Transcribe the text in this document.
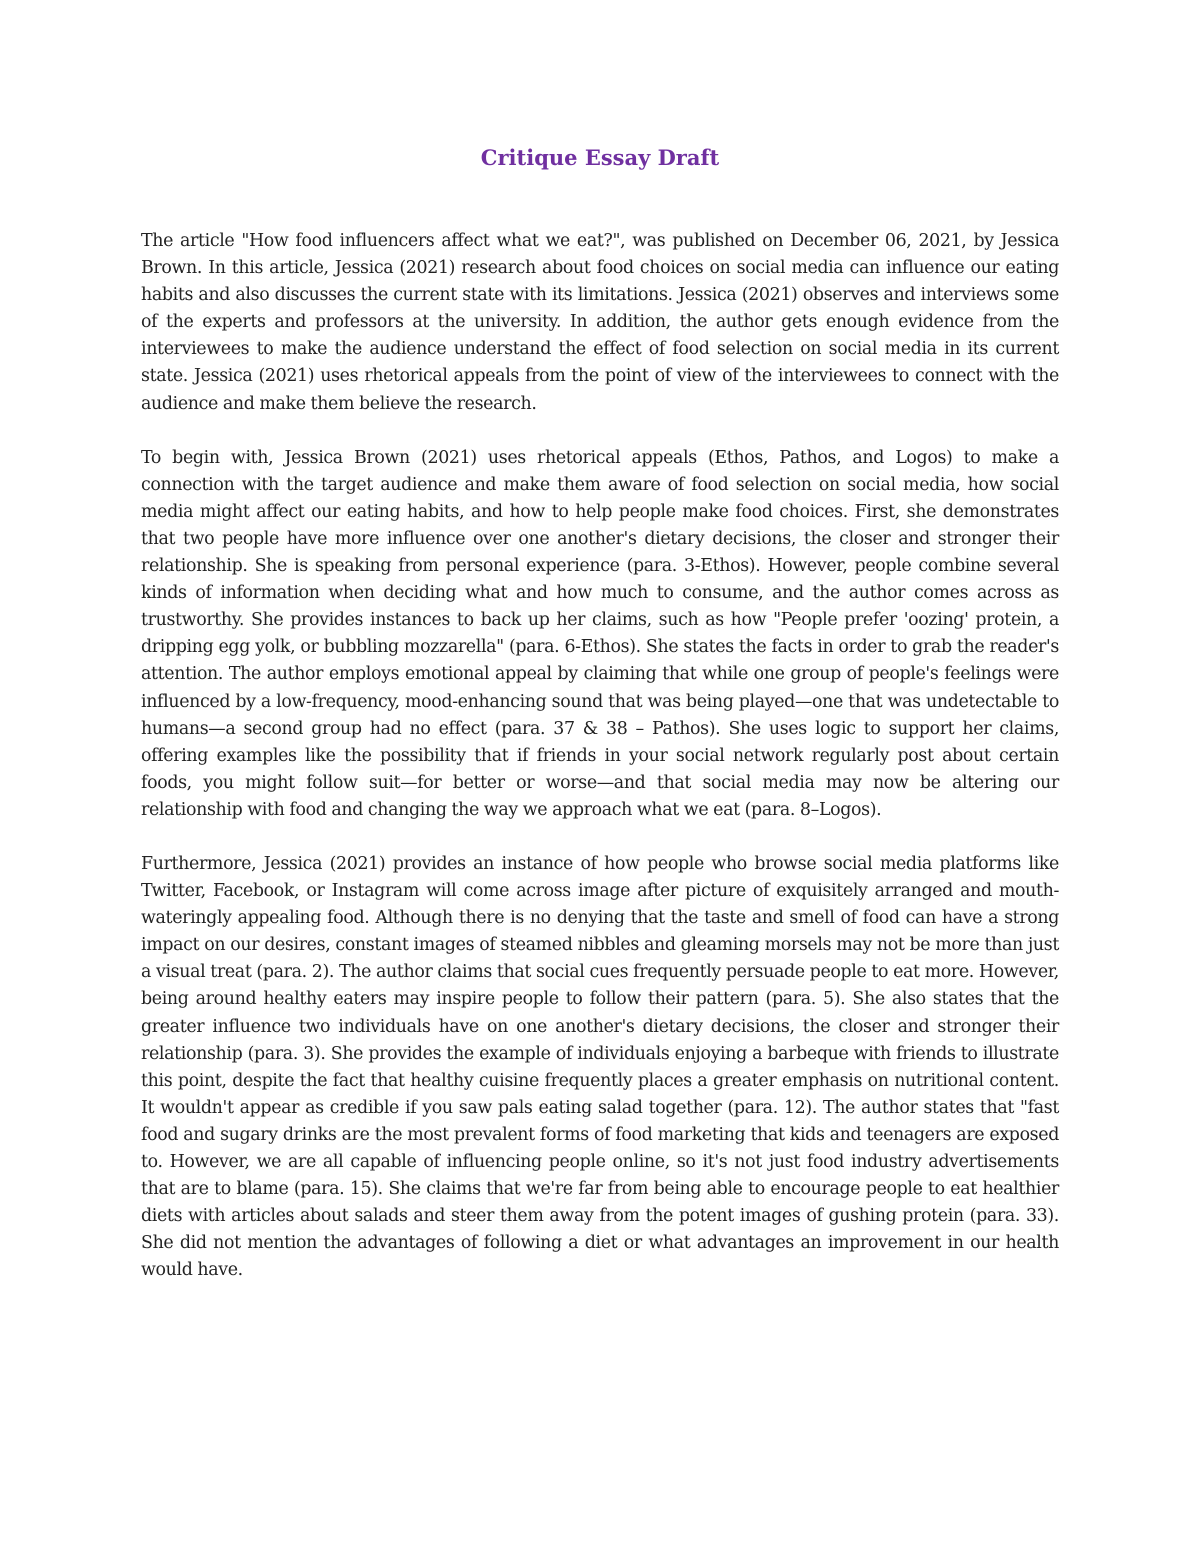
Critique Essay Draft

The article "How food influencers affect what we eat?", was published on December 06, 2021, by Jessica Brown. In this article, Jessica (2021) research about food choices on social media can influence our eating habits and also discusses the current state with its limitations. Jessica (2021) observes and interviews some of the experts and professors at the university. In addition, the author gets enough evidence from the interviewees to make the audience understand the effect of food selection on social media in its current state. Jessica (2021) uses rhetorical appeals from the point of view of the interviewees to connect with the audience and make them believe the research.

To begin with, Jessica Brown (2021) uses rhetorical appeals (Ethos, Pathos, and Logos) to make a connection with the target audience and make them aware of food selection on social media, how social media might affect our eating habits, and how to help people make food choices. First, she demonstrates that two people have more influence over one another's dietary decisions, the closer and stronger their relationship. She is speaking from personal experience (para. 3-Ethos). However, people combine several kinds of information when deciding what and how much to consume, and the author comes across as trustworthy. She provides instances to back up her claims, such as how "People prefer 'oozing' protein, a dripping egg yolk, or bubbling mozzarella" (para. 6-Ethos). She states the facts in order to grab the reader's attention. The author employs emotional appeal by claiming that while one group of people's feelings were influenced by a low-frequency, mood-enhancing sound that was being played—one that was undetectable to humans—a second group had no effect (para. 37 & 38 – Pathos). She uses logic to support her claims, offering examples like the possibility that if friends in your social network regularly post about certain foods, you might follow suit—for better or worse—and that social media may now be altering our relationship with food and changing the way we approach what we eat (para. 8–Logos).

Furthermore, Jessica (2021) provides an instance of how people who browse social media platforms like Twitter, Facebook, or Instagram will come across image after picture of exquisitely arranged and mouth-wateringly appealing food. Although there is no denying that the taste and smell of food can have a strong impact on our desires, constant images of steamed nibbles and gleaming morsels may not be more than just a visual treat (para. 2). The author claims that social cues frequently persuade people to eat more. However, being around healthy eaters may inspire people to follow their pattern (para. 5). She also states that the greater influence two individuals have on one another's dietary decisions, the closer and stronger their relationship (para. 3). She provides the example of individuals enjoying a barbeque with friends to illustrate this point, despite the fact that healthy cuisine frequently places a greater emphasis on nutritional content. It wouldn't appear as credible if you saw pals eating salad together (para. 12). The author states that "fast food and sugary drinks are the most prevalent forms of food marketing that kids and teenagers are exposed to. However, we are all capable of influencing people online, so it's not just food industry advertisements that are to blame (para. 15). She claims that we're far from being able to encourage people to eat healthier diets with articles about salads and steer them away from the potent images of gushing protein (para. 33). She did not mention the advantages of following a diet or what advantages an improvement in our health would have.
